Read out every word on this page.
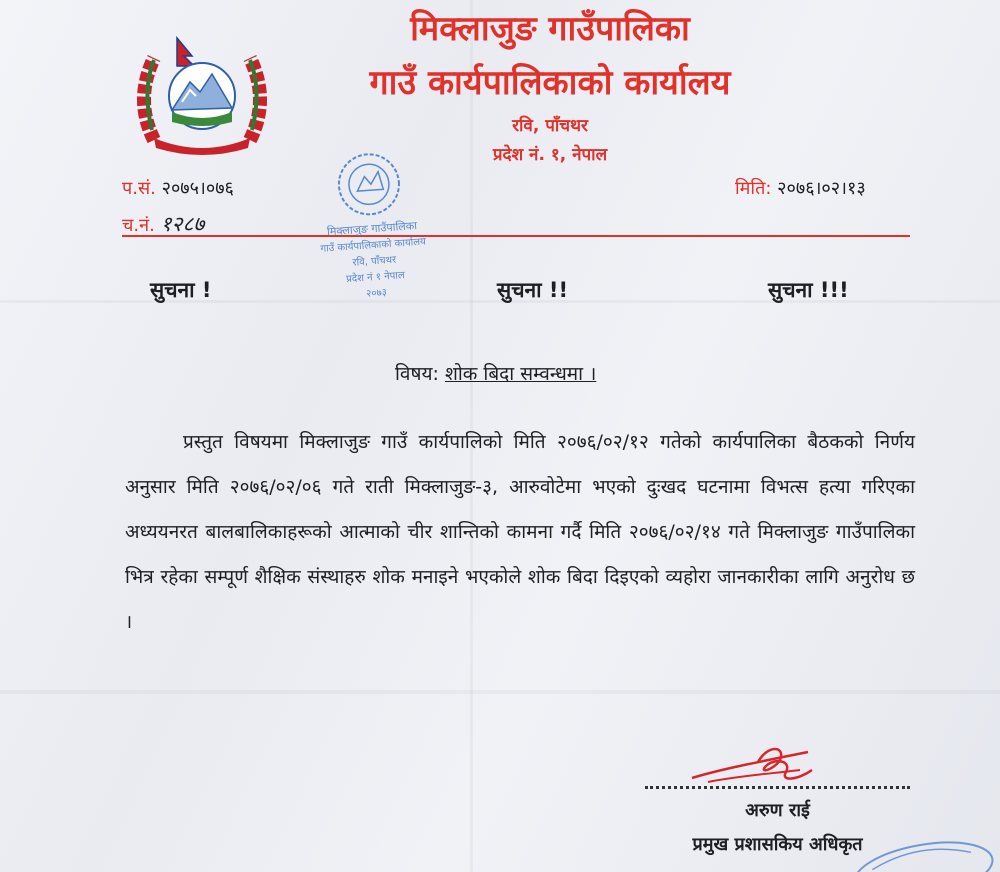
मिक्लाजुङ गाउँपालिका
गाउँ कार्यपालिकाको कार्यालय
रवि, पाँचथर
प्रदेश नं. १, नेपाल
प.सं. २०७५।०७६
च.नं. १२८७
मिति: २०७६।०२।१३
मिक्लाजुङ गाउँपालिका
गाउँ कार्यपालिकाको कार्यालय
रवि, पाँचथर
प्रदेश नं १ नेपाल
२०७३
सुचना !	सुचना !!	सुचना !!!
विषय: शोक बिदा सम्वन्धमा ।

प्रस्तुत विषयमा मिक्लाजुङ गाउँ कार्यपालिको मिति २०७६/०२/१२ गतेको कार्यपालिका बैठकको निर्णय अनुसार मिति २०७६/०२/०६ गते राती मिक्लाजुङ-३, आरुवोटेमा भएको दुःखद घटनामा विभत्स हत्या गरिएका अध्ययनरत बालबालिकाहरूको आत्माको चीर शान्तिको कामना गर्दै मिति २०७६/०२/१४ गते मिक्लाजुङ गाउँपालिका भित्र रहेका सम्पूर्ण शैक्षिक संस्थाहरु शोक मनाइने भएकोले शोक बिदा दिइएको व्यहोरा जानकारीका लागि अनुरोध छ ।

अरुण राई
प्रमुख प्रशासकिय अधिकृत
